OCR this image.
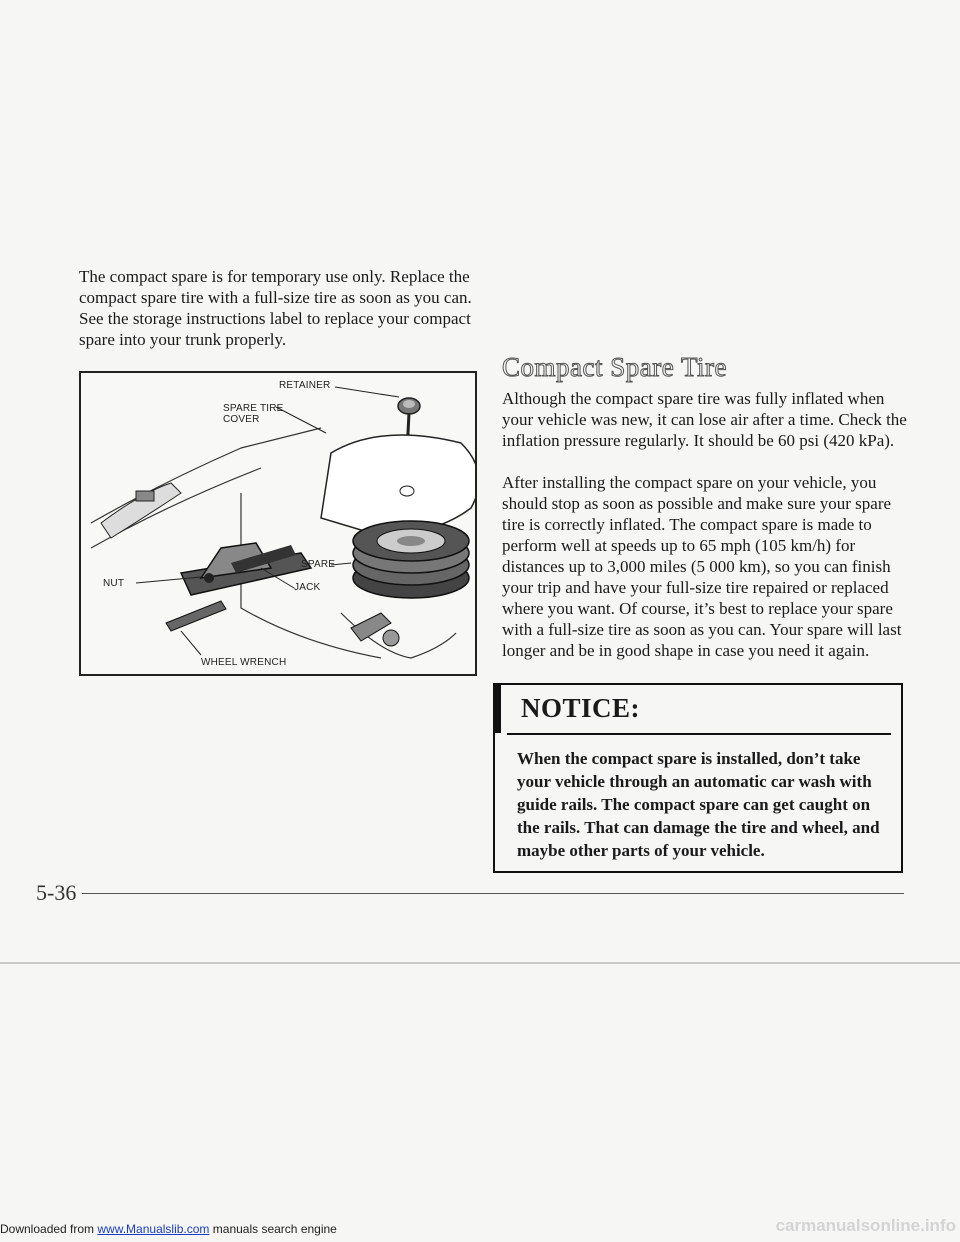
The compact spare is for temporary use only. Replace the compact spare tire with a full-size tire as soon as you can. See the storage instructions label to replace your compact spare into your trunk properly.

RETAINER
SPARE TIRE
COVER
SPARE
JACK
NUT
WHEEL WRENCH
Compact Spare Tire

Although the compact spare tire was fully inflated when your vehicle was new, it can lose air after a time. Check the inflation pressure regularly. It should be 60 psi (420 kPa).

After installing the compact spare on your vehicle, you should stop as soon as possible and make sure your spare tire is correctly inflated. The compact spare is made to perform well at speeds up to 65 mph (105 km/h) for distances up to 3,000 miles (5 000 km), so you can finish your trip and have your full-size tire repaired or replaced where you want. Of course, it’s best to replace your spare with a full-size tire as soon as you can. Your spare will last longer and be in good shape in case you need it again.

NOTICE:
When the compact spare is installed, don’t take your vehicle through an automatic car wash with guide rails. The compact spare can get caught on the rails. That can damage the tire and wheel, and maybe other parts of your vehicle.
5-36
Downloaded from www.Manualslib.com manuals search engine	carmanualsonline.info
